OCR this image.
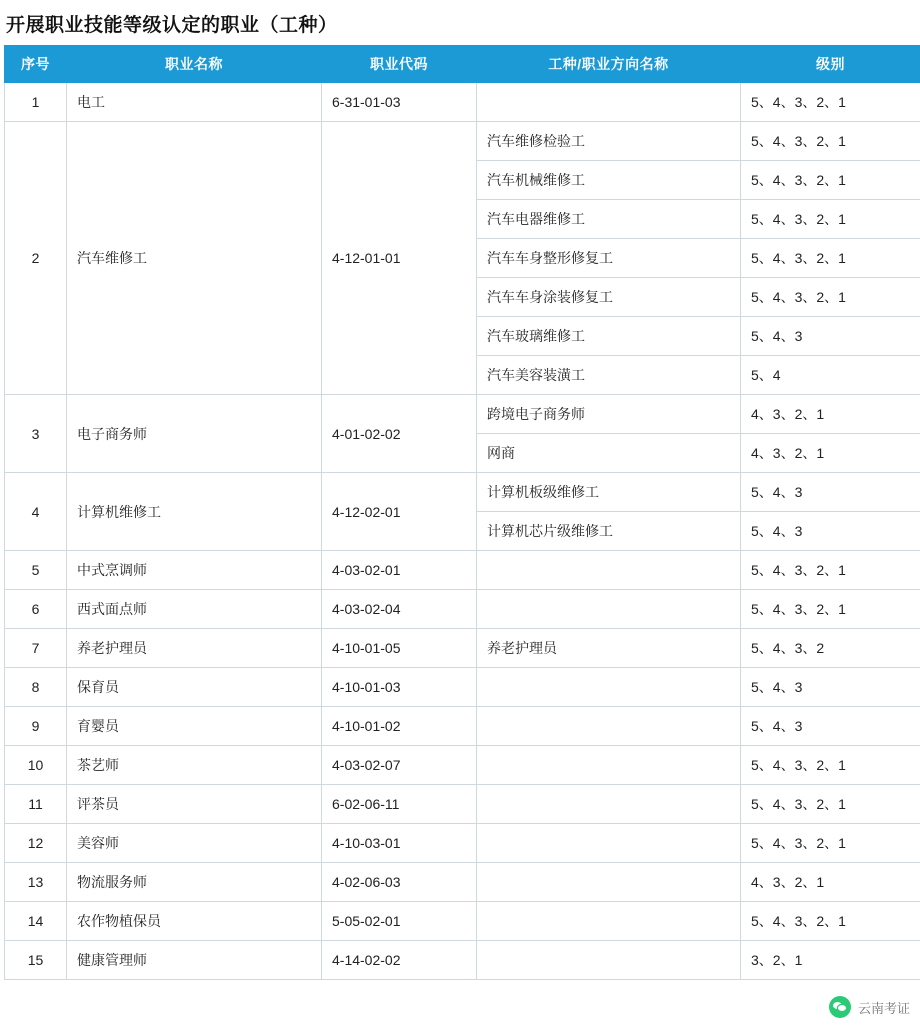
开展职业技能等级认定的职业（工种）
序号	职业名称	职业代码	工种/职业方向名称	级别
1	电工	6-31-01-03		5、4、3、2、1
2	汽车维修工	4-12-01-01	汽车维修检验工	5、4、3、2、1
			汽车机械维修工	5、4、3、2、1
			汽车电器维修工	5、4、3、2、1
			汽车车身整形修复工	5、4、3、2、1
			汽车车身涂装修复工	5、4、3、2、1
			汽车玻璃维修工	5、4、3
			汽车美容装潢工	5、4
3	电子商务师	4-01-02-02	跨境电子商务师	4、3、2、1
			网商	4、3、2、1
4	计算机维修工	4-12-02-01	计算机板级维修工	5、4、3
			计算机芯片级维修工	5、4、3
5	中式烹调师	4-03-02-01		5、4、3、2、1
6	西式面点师	4-03-02-04		5、4、3、2、1
7	养老护理员	4-10-01-05	养老护理员	5、4、3、2
8	保育员	4-10-01-03		5、4、3
9	育婴员	4-10-01-02		5、4、3
10	茶艺师	4-03-02-07		5、4、3、2、1
11	评茶员	6-02-06-11		5、4、3、2、1
12	美容师	4-10-03-01		5、4、3、2、1
13	物流服务师	4-02-06-03		4、3、2、1
14	农作物植保员	5-05-02-01		5、4、3、2、1
15	健康管理师	4-14-02-02		3、2、1
云南考证
